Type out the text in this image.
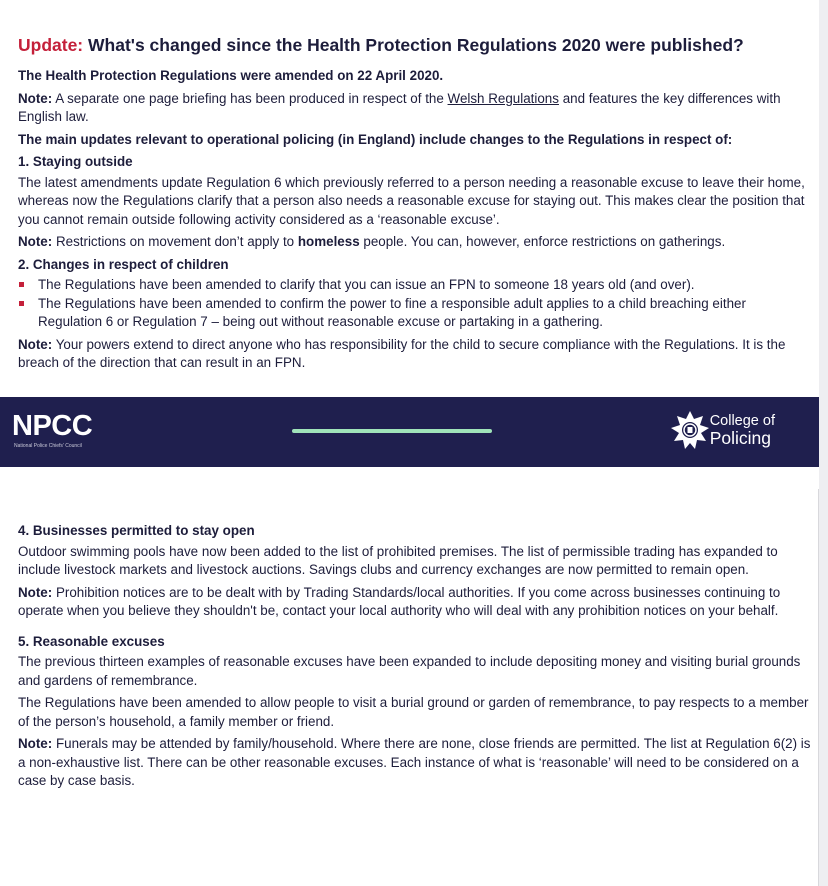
Update: What's changed since the Health Protection Regulations 2020 were published?
The Health Protection Regulations were amended on 22 April 2020.
Note: A separate one page briefing has been produced in respect of the Welsh Regulations and features the key differences with English law.
The main updates relevant to operational policing (in England) include changes to the Regulations in respect of:
1. Staying outside
The latest amendments update Regulation 6 which previously referred to a person needing a reasonable excuse to leave their home, whereas now the Regulations clarify that a person also needs a reasonable excuse for staying out. This makes clear the position that you cannot remain outside following activity considered as a ‘reasonable excuse’.
Note: Restrictions on movement don’t apply to homeless people. You can, however, enforce restrictions on gatherings.
2. Changes in respect of children
The Regulations have been amended to clarify that you can issue an FPN to someone 18 years old (and over).
The Regulations have been amended to confirm the power to fine a responsible adult applies to a child breaching either Regulation 6 or Regulation 7 – being out without reasonable excuse or partaking in a gathering.
Note: Your powers extend to direct anyone who has responsibility for the child to secure compliance with the Regulations. It is the breach of the direction that can result in an FPN.
NPCC
National Police Chiefs’ Council
College of
Policing
4. Businesses permitted to stay open
Outdoor swimming pools have now been added to the list of prohibited premises. The list of permissible trading has expanded to include livestock markets and livestock auctions. Savings clubs and currency exchanges are now permitted to remain open.
Note: Prohibition notices are to be dealt with by Trading Standards/local authorities. If you come across businesses continuing to operate when you believe they shouldn't be, contact your local authority who will deal with any prohibition notices on your behalf.
5. Reasonable excuses
The previous thirteen examples of reasonable excuses have been expanded to include depositing money and visiting burial grounds and gardens of remembrance.
The Regulations have been amended to allow people to visit a burial ground or garden of remembrance, to pay respects to a member of the person’s household, a family member or friend.
Note: Funerals may be attended by family/household. Where there are none, close friends are permitted. The list at Regulation 6(2) is a non-exhaustive list. There can be other reasonable excuses. Each instance of what is ‘reasonable’ will need to be considered on a case by case basis.
